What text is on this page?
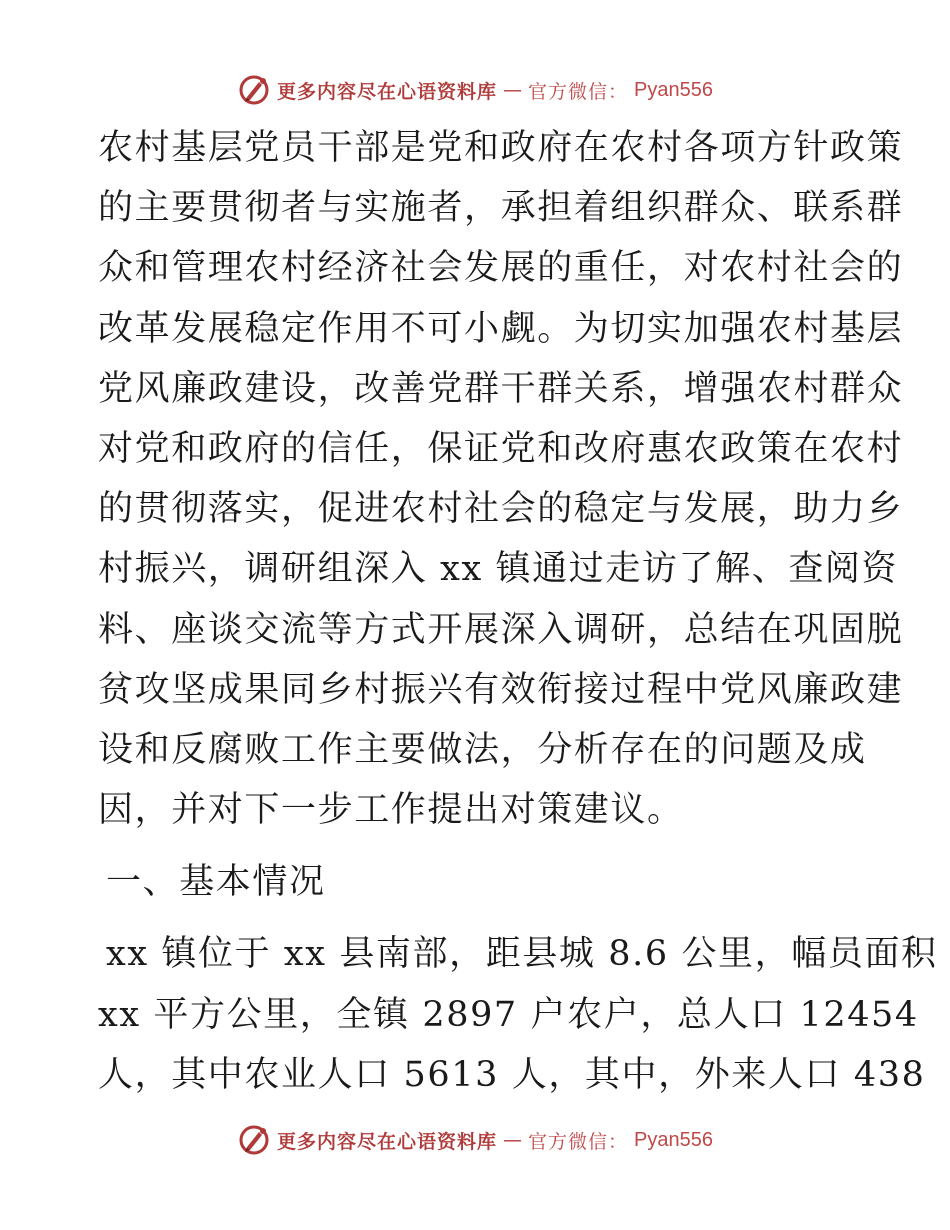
更多内容尽在心语资料库 — 官方微信： Pyan556
农村基层党员干部是党和政府在农村各项方针政策
的主要贯彻者与实施者，承担着组织群众、联系群
众和管理农村经济社会发展的重任，对农村社会的
改革发展稳定作用不可小觑。为切实加强农村基层
党风廉政建设，改善党群干群关系，增强农村群众
对党和政府的信任，保证党和改府惠农政策在农村
的贯彻落实，促进农村社会的稳定与发展，助力乡
村振兴，调研组深入 xx 镇通过走访了解、查阅资
料、座谈交流等方式开展深入调研，总结在巩固脱
贫攻坚成果同乡村振兴有效衔接过程中党风廉政建
设和反腐败工作主要做法，分析存在的问题及成
因，并对下一步工作提出对策建议。
一、基本情况
xx 镇位于 xx 县南部，距县城 8.6 公里，幅员面积
xx 平方公里，全镇 2897 户农户，总人口 12454
人，其中农业人口 5613 人，其中，外来人口 438
更多内容尽在心语资料库 — 官方微信： Pyan556
